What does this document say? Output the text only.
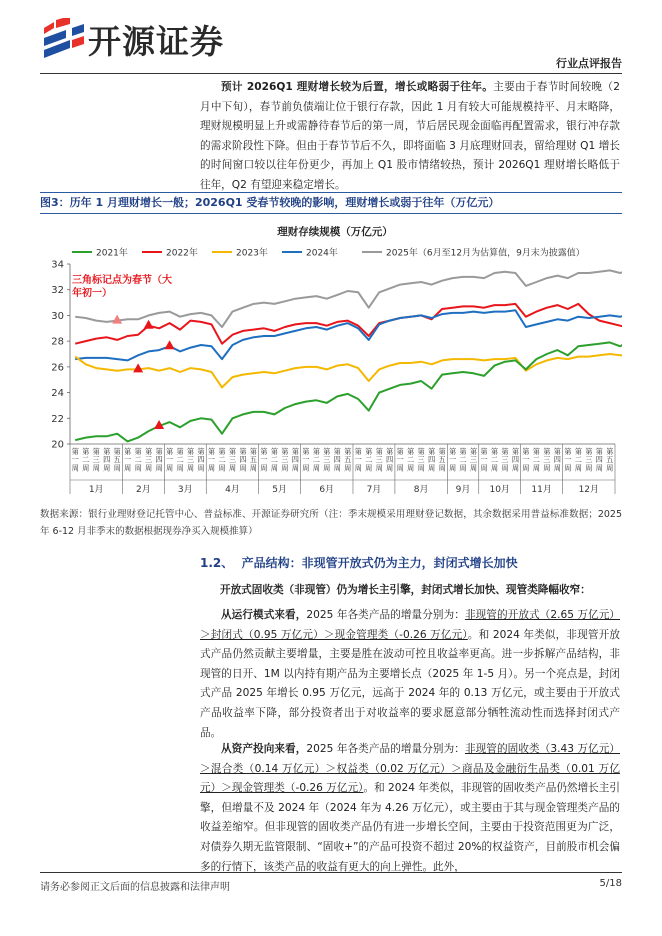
开源证券
行业点评报告

预计 2026Q1 理财增长较为后置，增长或略弱于往年。主要由于春节时间较晚（2 月中下旬），春节前负债端让位于银行存款，因此 1 月有较大可能规模持平、月末略降，理财规模明显上升或需静待春节后的第一周，节后居民现金面临再配置需求，银行冲存款的需求阶段性下降。但由于春节节后不久，即将面临 3 月底理财回表，留给理财 Q1 增长的时间窗口较以往年份更少，再加上 Q1 股市情绪较热，预计 2026Q1 理财增长略低于往年，Q2 有望迎来稳定增长。

图3：历年 1 月理财增长一般；2026Q1 受春节较晚的影响，理财增长或弱于往年（万亿元）
理财存续规模（万亿元）
2021年	2022年	2023年	2024年	2025年（6月至12月为估算值，9月末为披露值）
20
22
24
26
28
30
32
34
第一周
第二周
第三周
第四周
第五周
1月
第一周
第二周
第三周
第四周
2月
第一周
第二周
第三周
第四周
3月
第一周
第二周
第三周
第四周
第五周
4月
第一周
第二周
第三周
第四周
5月
第一周
第二周
第三周
第四周
第五周
6月
第一周
第二周
第三周
第四周
7月
第一周
第二周
第三周
第四周
第五周
8月
第一周
第二周
第三周
9月
第一周
第二周
第三周
第四周
10月
第一周
第二周
第三周
第四周
11月
第一周
第二周
第三周
第四周
第五周
12月
三角标记点为春节（大
年初一）
数据来源：银行业理财登记托管中心、普益标准、开源证券研究所（注：季末规模采用理财登记数据，其余数据采用普益标准数据；2025 年 6-12 月非季末的数据根据现券净买入规模推算）
1.2、 产品结构：非现管开放式仍为主力，封闭式增长加快
开放式固收类（非现管）仍为增长主引擎，封闭式增长加快、现管类降幅收窄：

从运行模式来看，2025 年各类产品的增量分别为：非现管的开放式（2.65 万亿元）＞封闭式（0.95 万亿元）＞现金管理类（-0.26 万亿元）。和 2024 年类似，非现管开放式产品仍然贡献主要增量，主要是胜在波动可控且收益率更高。进一步拆解产品结构，非现管的日开、1M 以内持有期产品为主要增长点（2025 年 1-5 月）。另一个亮点是，封闭式产品 2025 年增长 0.95 万亿元，远高于 2024 年的 0.13 万亿元，或主要由于开放式产品收益率下降，部分投资者出于对收益率的要求愿意部分牺牲流动性而选择封闭式产品。

从资产投向来看，2025 年各类产品的增量分别为：非现管的固收类（3.43 万亿元）＞混合类（0.14 万亿元）＞权益类（0.02 万亿元）＞商品及金融衍生品类（0.01 万亿元）＞现金管理类（-0.26 万亿元）。和 2024 年类似，非现管的固收类产品仍然增长主引擎，但增量不及 2024 年（2024 年为 4.26 万亿元），或主要由于其与现金管理类产品的收益差缩窄。但非现管的固收类产品仍有进一步增长空间，主要由于投资范围更为广泛，对债券久期无监管限制、“固收+”的产品可投资不超过 20%的权益资产，目前股市机会偏多的行情下，该类产品的收益有更大的向上弹性。此外，

请务必参阅正文后面的信息披露和法律声明	5/18
